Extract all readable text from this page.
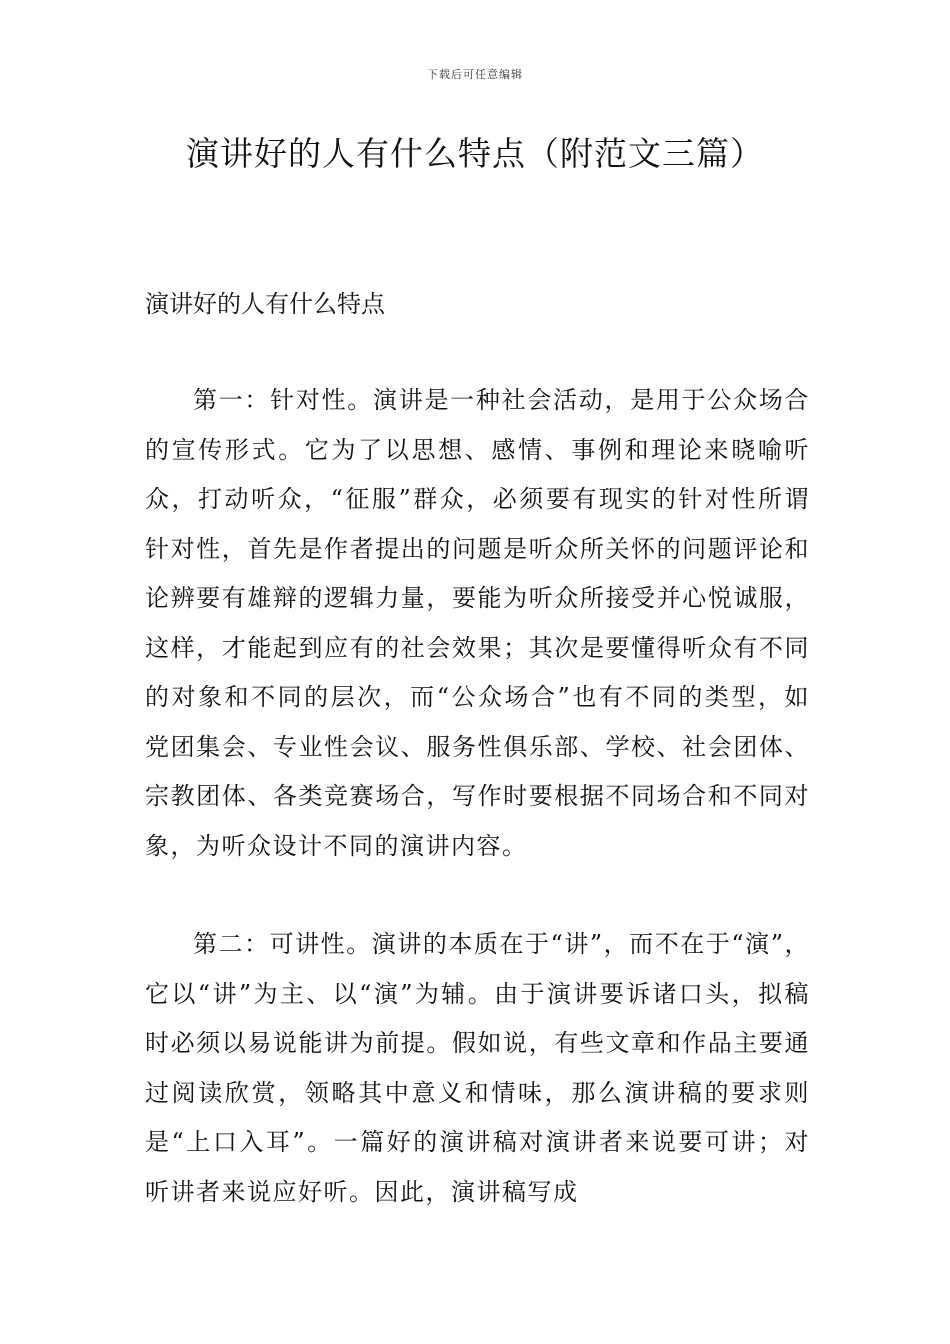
下载后可任意编辑
演讲好的人有什么特点（附范文三篇）
演讲好的人有什么特点

第一：针对性。演讲是一种社会活动，是用于公众场合的宣传形式。它为了以思想、感情、事例和理论来晓喻听众，打动听众，“征服”群众，必须要有现实的针对性所谓针对性，首先是作者提出的问题是听众所关怀的问题评论和论辨要有雄辩的逻辑力量，要能为听众所接受并心悦诚服，这样，才能起到应有的社会效果；其次是要懂得听众有不同的对象和不同的层次，而“公众场合”也有不同的类型，如党团集会、专业性会议、服务性俱乐部、学校、社会团体、宗教团体、各类竞赛场合，写作时要根据不同场合和不同对象，为听众设计不同的演讲内容。

第二：可讲性。演讲的本质在于“讲”，而不在于“演”，它以“讲”为主、以“演”为辅。由于演讲要诉诸口头，拟稿时必须以易说能讲为前提。假如说，有些文章和作品主要通过阅读欣赏，领略其中意义和情味，那么演讲稿的要求则是“上口入耳”。一篇好的演讲稿对演讲者来说要可讲；对听讲者来说应好听。因此，演讲稿写成
